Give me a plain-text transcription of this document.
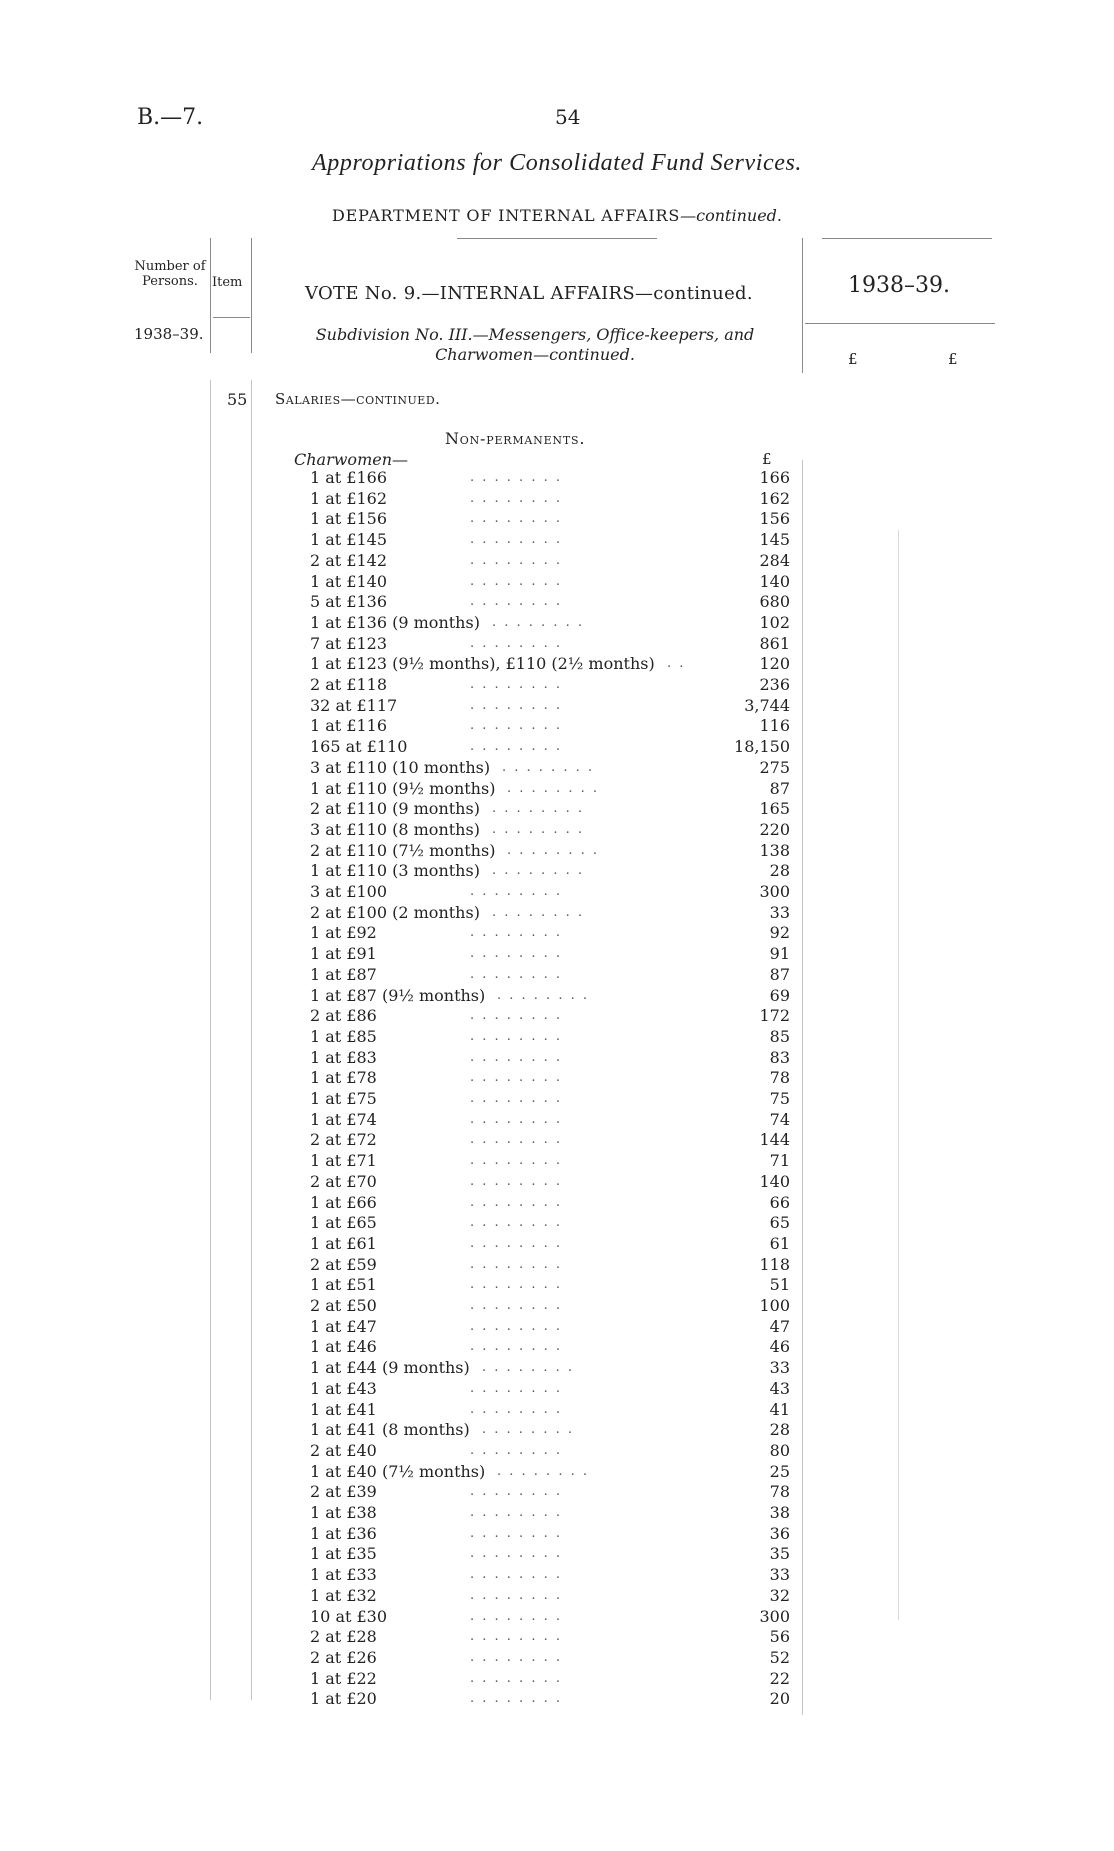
B.—7.	54
Appropriations for Consolidated Fund Services.
DEPARTMENT OF INTERNAL AFFAIRS—continued.
Number of Persons.	Item
VOTE No. 9.—INTERNAL AFFAIRS—continued.	1938–39.
1938–39.	Subdivision No. III.—Messengers, Office-keepers, and Charwomen—continued.	£	£
55 Salaries—continued.
Non-permanents.
Charwomen—	£
1 at £166	. . . . . . . .	166
1 at £162	. . . . . . . .	162
1 at £156	. . . . . . . .	156
1 at £145	. . . . . . . .	145
2 at £142	. . . . . . . .	284
1 at £140	. . . . . . . .	140
5 at £136	. . . . . . . .	680
1 at £136 (9 months) . . . . . . . .	102
7 at £123	. . . . . . . .	861
1 at £123 (9½ months), £110 (2½ months) . .	120
2 at £118	. . . . . . . .	236
32 at £117	. . . . . . . .	3,744
1 at £116	. . . . . . . .	116
165 at £110	. . . . . . . .	18,150
3 at £110 (10 months) . . . . . . . .	275
1 at £110 (9½ months) . . . . . . . .	87
2 at £110 (9 months) . . . . . . . .	165
3 at £110 (8 months) . . . . . . . .	220
2 at £110 (7½ months) . . . . . . . .	138
1 at £110 (3 months) . . . . . . . .	28
3 at £100	. . . . . . . .	300
2 at £100 (2 months) . . . . . . . .	33
1 at £92	. . . . . . . .	92
1 at £91	. . . . . . . .	91
1 at £87	. . . . . . . .	87
1 at £87 (9½ months) . . . . . . . .	69
2 at £86	. . . . . . . .	172
1 at £85	. . . . . . . .	85
1 at £83	. . . . . . . .	83
1 at £78	. . . . . . . .	78
1 at £75	. . . . . . . .	75
1 at £74	. . . . . . . .	74
2 at £72	. . . . . . . .	144
1 at £71	. . . . . . . .	71
2 at £70	. . . . . . . .	140
1 at £66	. . . . . . . .	66
1 at £65	. . . . . . . .	65
1 at £61	. . . . . . . .	61
2 at £59	. . . . . . . .	118
1 at £51	. . . . . . . .	51
2 at £50	. . . . . . . .	100
1 at £47	. . . . . . . .	47
1 at £46	. . . . . . . .	46
1 at £44 (9 months) . . . . . . . .	33
1 at £43	. . . . . . . .	43
1 at £41	. . . . . . . .	41
1 at £41 (8 months) . . . . . . . .	28
2 at £40	. . . . . . . .	80
1 at £40 (7½ months) . . . . . . . .	25
2 at £39	. . . . . . . .	78
1 at £38	. . . . . . . .	38
1 at £36	. . . . . . . .	36
1 at £35	. . . . . . . .	35
1 at £33	. . . . . . . .	33
1 at £32	. . . . . . . .	32
10 at £30	. . . . . . . .	300
2 at £28	. . . . . . . .	56
2 at £26	. . . . . . . .	52
1 at £22	. . . . . . . .	22
1 at £20	. . . . . . . .	20
